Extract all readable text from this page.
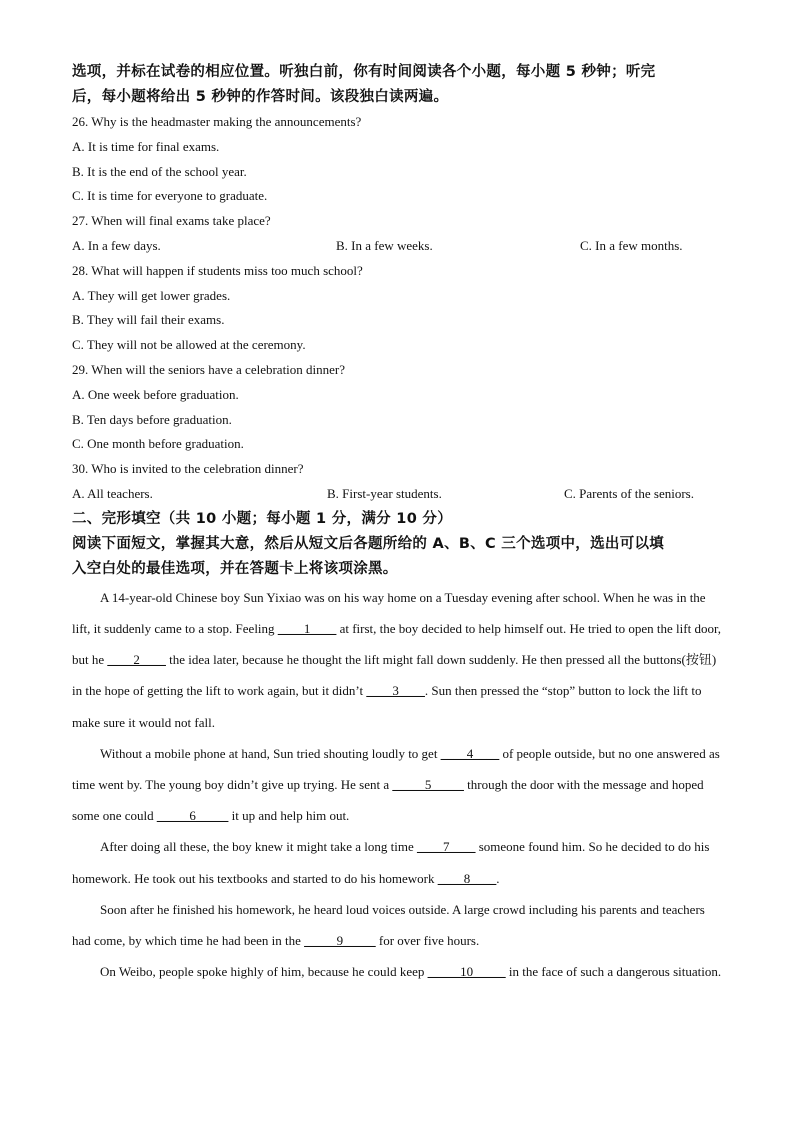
选项，并标在试卷的相应位置。听独白前，你有时间阅读各个小题，每小题 5 秒钟；听完
后，每小题将给出 5 秒钟的作答时间。该段独白读两遍。
26. Why is the headmaster making the announcements?
A. It is time for final exams.
B. It is the end of the school year.
C. It is time for everyone to graduate.
27. When will final exams take place?
A. In a few days.	B. In a few weeks.	C. In a few months.
28. What will happen if students miss too much school?
A. They will get lower grades.
B. They will fail their exams.
C. They will not be allowed at the ceremony.
29. When will the seniors have a celebration dinner?
A. One week before graduation.
B. Ten days before graduation.
C. One month before graduation.
30. Who is invited to the celebration dinner?
A. All teachers.	B. First-year students.	C. Parents of the seniors.
二、完形填空（共 10 小题；每小题 1 分，满分 10 分）
阅读下面短文，掌握其大意，然后从短文后各题所给的 A、B、C 三个选项中，选出可以填
入空白处的最佳选项，并在答题卡上将该项涂黑。

A 14-year-old Chinese boy Sun Yixiao was on his way home on a Tuesday evening after school. When he was in the lift, it suddenly came to a stop. Feeling ____1____ at first, the boy decided to help himself out. He tried to open the lift door, but he ____2____ the idea later, because he thought the lift might fall down suddenly. He then pressed all the buttons(按钮) in the hope of getting the lift to work again, but it didn’t ____3____. Sun then pressed the “stop” button to lock the lift to make sure it would not fall.

Without a mobile phone at hand, Sun tried shouting loudly to get ____4____ of people outside, but no one answered as time went by. The young boy didn’t give up trying. He sent a _____5_____ through the door with the message and hoped some one could _____6_____ it up and help him out.

After doing all these, the boy knew it might take a long time ____7____ someone found him. So he decided to do his homework. He took out his textbooks and started to do his homework ____8____.

Soon after he finished his homework, he heard loud voices outside. A large crowd including his parents and teachers had come, by which time he had been in the _____9_____ for over five hours.

On Weibo, people spoke highly of him, because he could keep _____10_____ in the face of such a dangerous situation.
